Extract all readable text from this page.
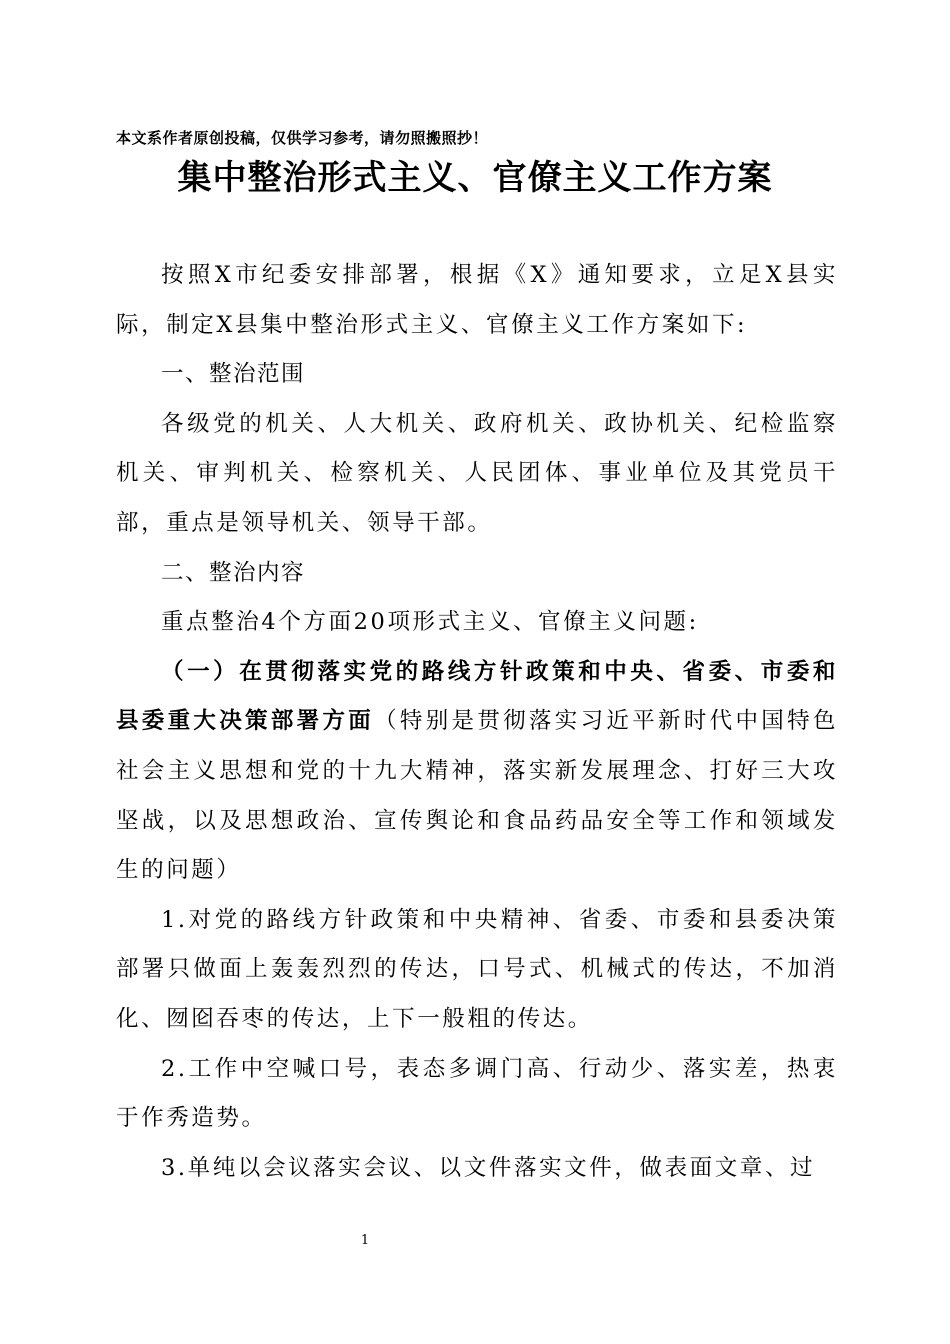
本文系作者原创投稿，仅供学习参考，请勿照搬照抄！
集中整治形式主义、官僚主义工作方案

按照X市纪委安排部署，根据《X》通知要求，立足X县实际，制定X县集中整治形式主义、官僚主义工作方案如下:

一、整治范围

各级党的机关、人大机关、政府机关、政协机关、纪检监察机关、审判机关、检察机关、人民团体、事业单位及其党员干部，重点是领导机关、领导干部。

二、整治内容

重点整治4个方面20项形式主义、官僚主义问题:

（一）在贯彻落实党的路线方针政策和中央、省委、市委和县委重大决策部署方面（特别是贯彻落实习近平新时代中国特色社会主义思想和党的十九大精神，落实新发展理念、打好三大攻坚战，以及思想政治、宣传舆论和食品药品安全等工作和领域发生的问题）

1.对党的路线方针政策和中央精神、省委、市委和县委决策部署只做面上轰轰烈烈的传达，口号式、机械式的传达，不加消化、囫囵吞枣的传达，上下一般粗的传达。

2.工作中空喊口号，表态多调门高、行动少、落实差，热衷于作秀造势。

3.单纯以会议落实会议、以文件落实文件，做表面文章、过

1
